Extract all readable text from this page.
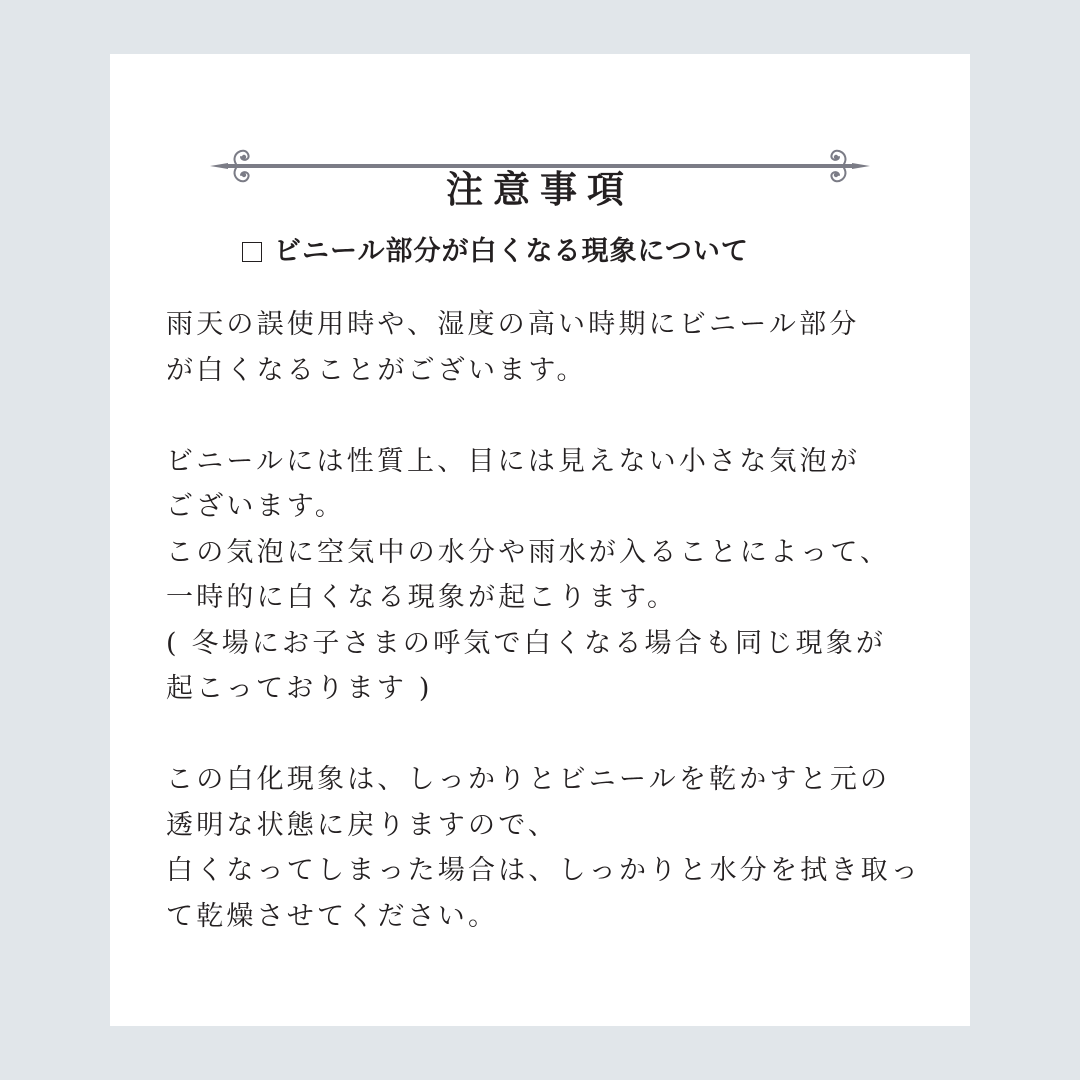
注意事項
ビニール部分が白くなる現象について
雨天の誤使用時や、湿度の高い時期にビニール部分
が白くなることがございます。
ビニールには性質上、目には見えない小さな気泡が
ございます。
この気泡に空気中の水分や雨水が入ることによって、
一時的に白くなる現象が起こります。
( 冬場にお子さまの呼気で白くなる場合も同じ現象が
起こっております )
この白化現象は、しっかりとビニールを乾かすと元の
透明な状態に戻りますので、
白くなってしまった場合は、しっかりと水分を拭き取っ
て乾燥させてください。
